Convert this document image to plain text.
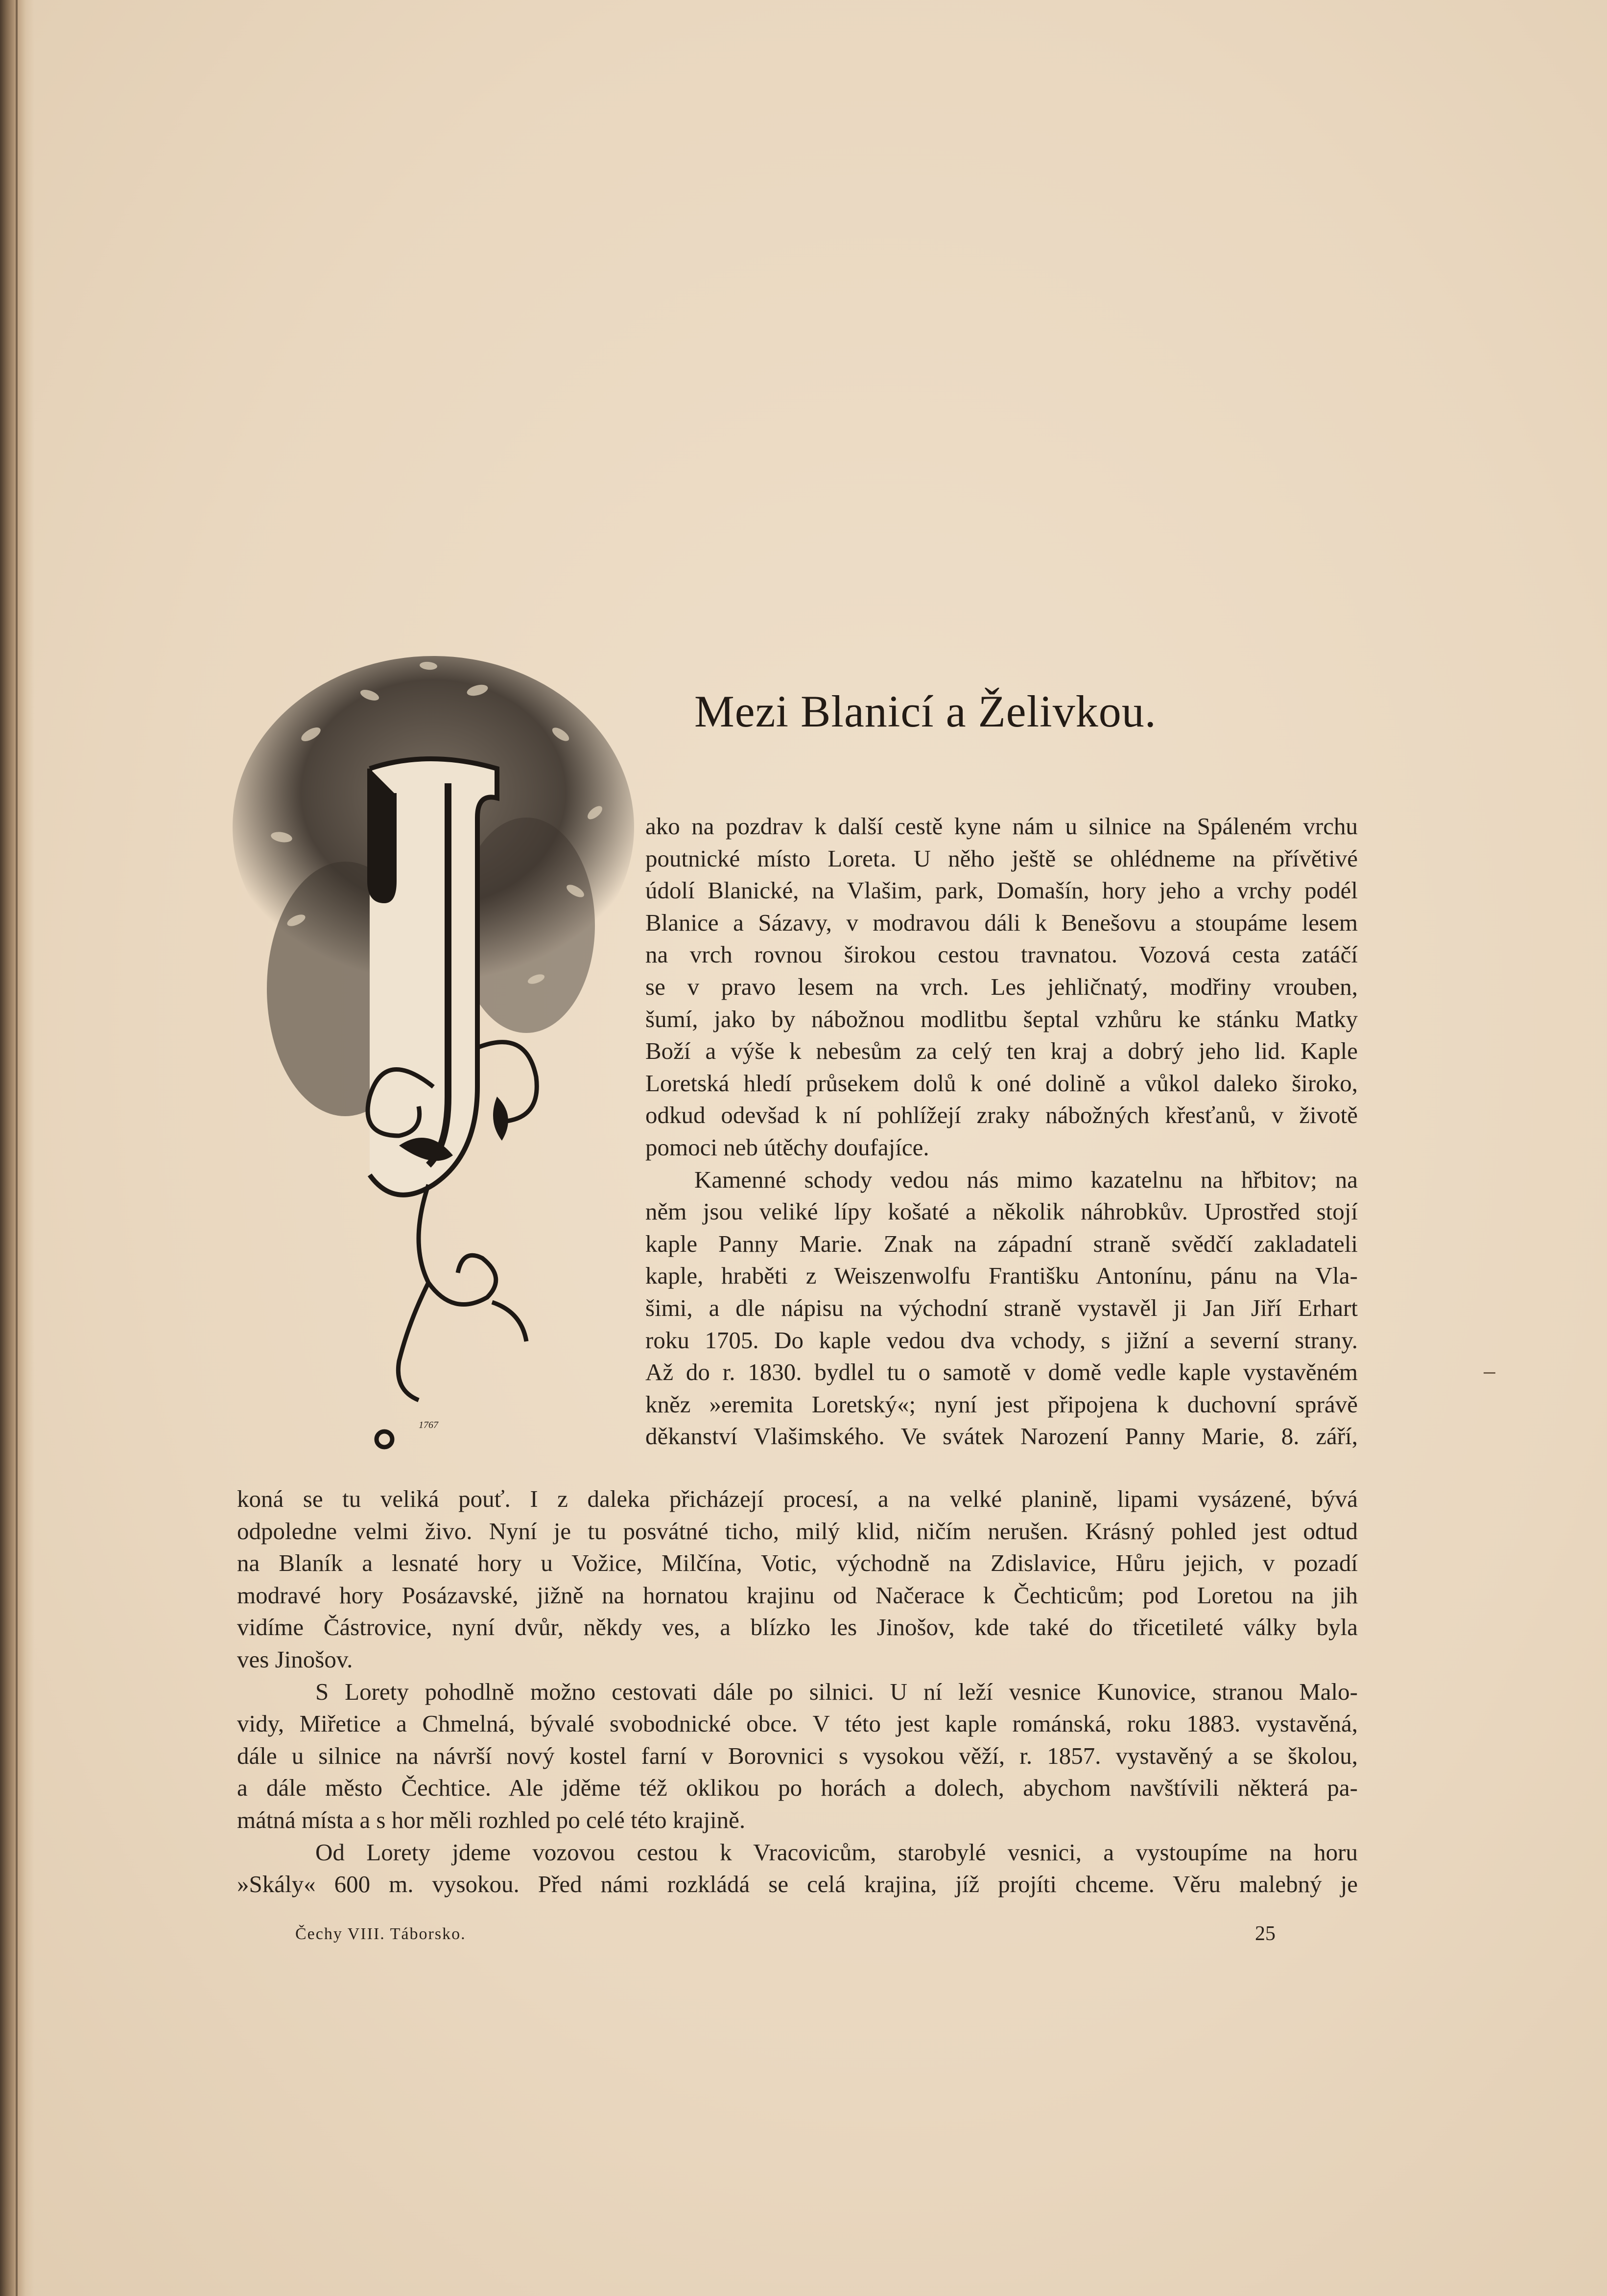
Mezi Blanicí a Želivkou.
1767
ako na pozdrav k další cestě kyne nám u silnice na Spáleném vrchu
poutnické místo Loreta. U něho ještě se ohlédneme na přívětivé
údolí Blanické, na Vlašim, park, Domašín, hory jeho a vrchy podél
Blanice a Sázavy, v modravou dáli k Benešovu a stoupáme lesem
na vrch rovnou širokou cestou travnatou. Vozová cesta zatáčí
se v pravo lesem na vrch. Les jehličnatý, modřiny vrouben,
šumí, jako by nábožnou modlitbu šeptal vzhůru ke stánku Matky
Boží a výše k nebesům za celý ten kraj a dobrý jeho lid. Kaple
Loretská hledí průsekem dolů k oné dolině a vůkol daleko široko,
odkud odevšad k ní pohlížejí zraky nábožných křesťanů, v životě
pomoci neb útěchy doufajíce.
Kamenné schody vedou nás mimo kazatelnu na hřbitov; na
něm jsou veliké lípy košaté a několik náhrobkův. Uprostřed stojí
kaple Panny Marie. Znak na západní straně svědčí zakladateli
kaple, hraběti z Weiszenwolfu Františku Antonínu, pánu na Vla-
šimi, a dle nápisu na východní straně vystavěl ji Jan Jiří Erhart
roku 1705. Do kaple vedou dva vchody, s jižní a severní strany.
Až do r. 1830. bydlel tu o samotě v domě vedle kaple vystavěném
kněz »eremita Loretský«; nyní jest připojena k duchovní správě
děkanství Vlašimského. Ve svátek Narození Panny Marie, 8. září,
koná se tu veliká pouť. I z daleka přicházejí procesí, a na velké planině, lipami vysázené, bývá
odpoledne velmi živo. Nyní je tu posvátné ticho, milý klid, ničím nerušen. Krásný pohled jest odtud
na Blaník a lesnaté hory u Vožice, Milčína, Votic, východně na Zdislavice, Hůru jejich, v pozadí
modravé hory Posázavské, jižně na hornatou krajinu od Načerace k Čechticům; pod Loretou na jih
vidíme Částrovice, nyní dvůr, někdy ves, a blízko les Jinošov, kde také do třicetileté války byla
ves Jinošov.
S Lorety pohodlně možno cestovati dále po silnici. U ní leží vesnice Kunovice, stranou Malo-
vidy, Miřetice a Chmelná, bývalé svobodnické obce. V této jest kaple románská, roku 1883. vystavěná,
dále u silnice na návrší nový kostel farní v Borovnici s vysokou věží, r. 1857. vystavěný a se školou,
a dále město Čechtice. Ale jděme též oklikou po horách a dolech, abychom navštívili některá pa-
mátná místa a s hor měli rozhled po celé této krajině.
Od Lorety jdeme vozovou cestou k Vracovicům, starobylé vesnici, a vystoupíme na horu
»Skály« 600 m. vysokou. Před námi rozkládá se celá krajina, jíž projíti chceme. Věru malebný je
Čechy VIII. Táborsko.	25
